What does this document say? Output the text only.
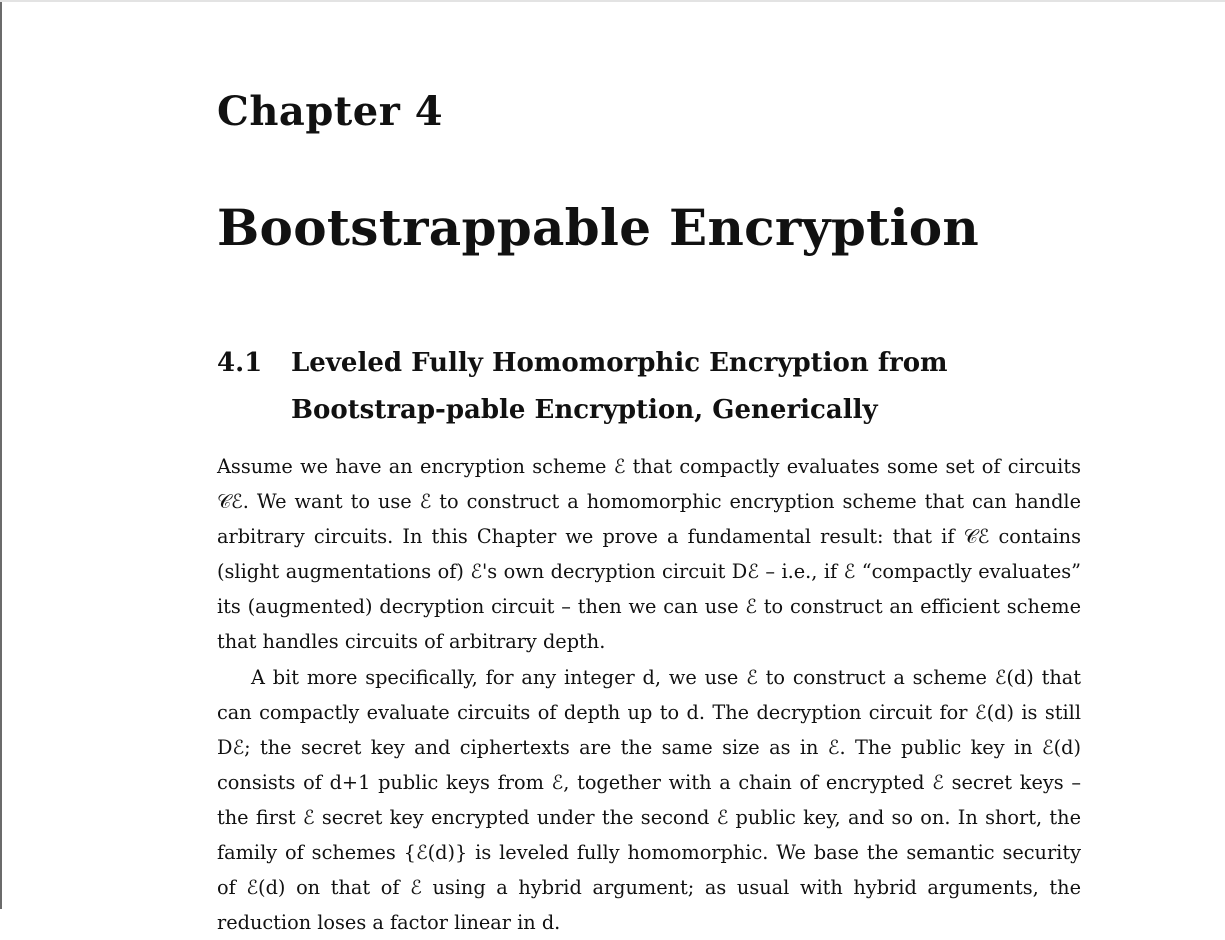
Chapter 4
Bootstrappable Encryption
4.1 Leveled Fully Homomorphic Encryption from Bootstrap-pable Encryption, Generically

Assume we have an encryption scheme ℰ that compactly evaluates some set of circuits 𝒞ℰ. We want to use ℰ to construct a homomorphic encryption scheme that can handle arbitrary circuits. In this Chapter we prove a fundamental result: that if 𝒞ℰ contains (slight augmentations of) ℰ's own decryption circuit Dℰ – i.e., if ℰ “compactly evaluates” its (augmented) decryption circuit – then we can use ℰ to construct an efficient scheme that handles circuits of arbitrary depth.

A bit more specifically, for any integer d, we use ℰ to construct a scheme ℰ(d) that can compactly evaluate circuits of depth up to d. The decryption circuit for ℰ(d) is still Dℰ; the secret key and ciphertexts are the same size as in ℰ. The public key in ℰ(d) consists of d+1 public keys from ℰ, together with a chain of encrypted ℰ secret keys – the first ℰ secret key encrypted under the second ℰ public key, and so on. In short, the family of schemes {ℰ(d)} is leveled fully homomorphic. We base the semantic security of ℰ(d) on that of ℰ using a hybrid argument; as usual with hybrid arguments, the reduction loses a factor linear in d.
